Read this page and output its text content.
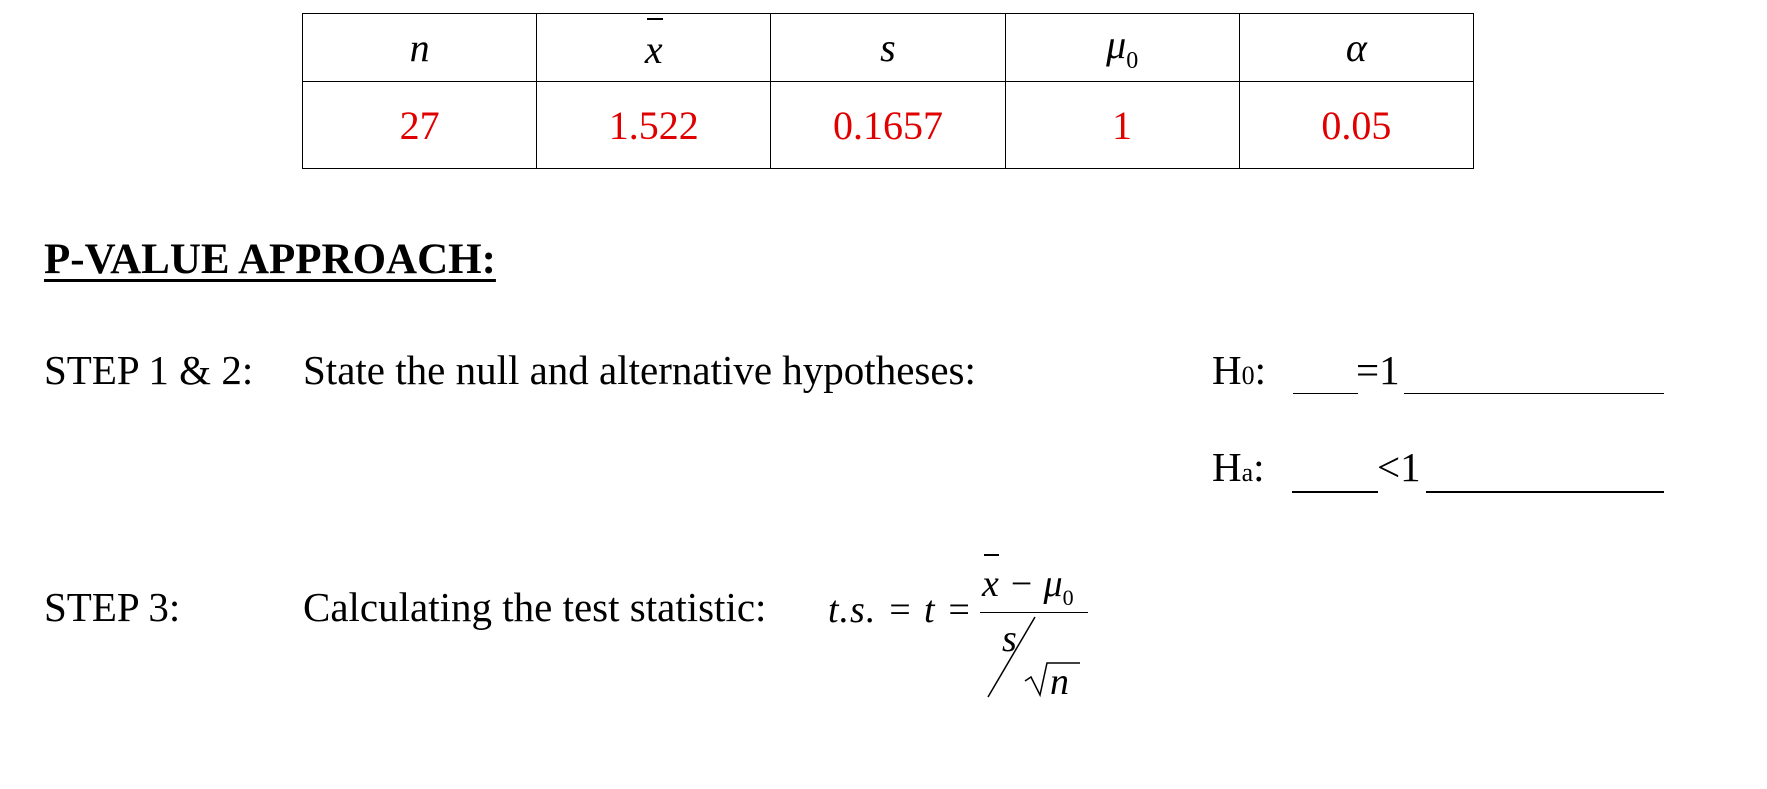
n	x	s	$\mu_0$	α
27	1.522	0.1657	1	0.05
P-VALUE APPROACH:
STEP 1 & 2: State the null and alternative hypotheses:	H0: =1
Ha:	<1
STEP 3:	Calculating the test statistic: t.s. = t =
$x - \mu_0$
s
n
